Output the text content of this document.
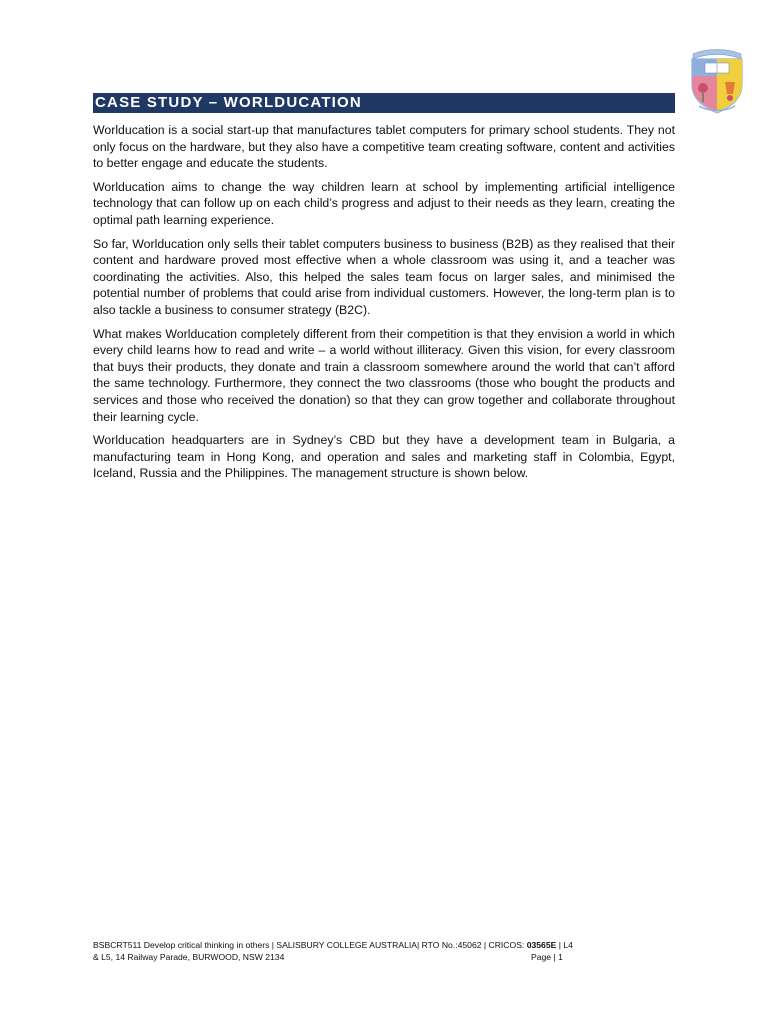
CASE STUDY – WORLDUCATION

Worlducation is a social start-up that manufactures tablet computers for primary school students. They not only focus on the hardware, but they also have a competitive team creating software, content and activities to better engage and educate the students.

Worlducation aims to change the way children learn at school by implementing artificial intelligence technology that can follow up on each child’s progress and adjust to their needs as they learn, creating the optimal path learning experience.

So far, Worlducation only sells their tablet computers business to business (B2B) as they realised that their content and hardware proved most effective when a whole classroom was using it, and a teacher was coordinating the activities. Also, this helped the sales team focus on larger sales, and minimised the potential number of problems that could arise from individual customers. However, the long-term plan is to also tackle a business to consumer strategy (B2C).

What makes Worlducation completely different from their competition is that they envision a world in which every child learns how to read and write – a world without illiteracy. Given this vision, for every classroom that buys their products, they donate and train a classroom somewhere around the world that can’t afford the same technology. Furthermore, they connect the two classrooms (those who bought the products and services and those who received the donation) so that they can grow together and collaborate throughout their learning cycle.

Worlducation headquarters are in Sydney’s CBD but they have a development team in Bulgaria, a manufacturing team in Hong Kong, and operation and sales and marketing staff in Colombia, Egypt, Iceland, Russia and the Philippines. The management structure is shown below.

BSBCRT511 Develop critical thinking in others | SALISBURY COLLEGE AUSTRALIA| RTO No.:45062 | CRICOS: 03565E | L4
& L5, 14 Railway Parade, BURWOOD, NSW 2134	Page | 1
